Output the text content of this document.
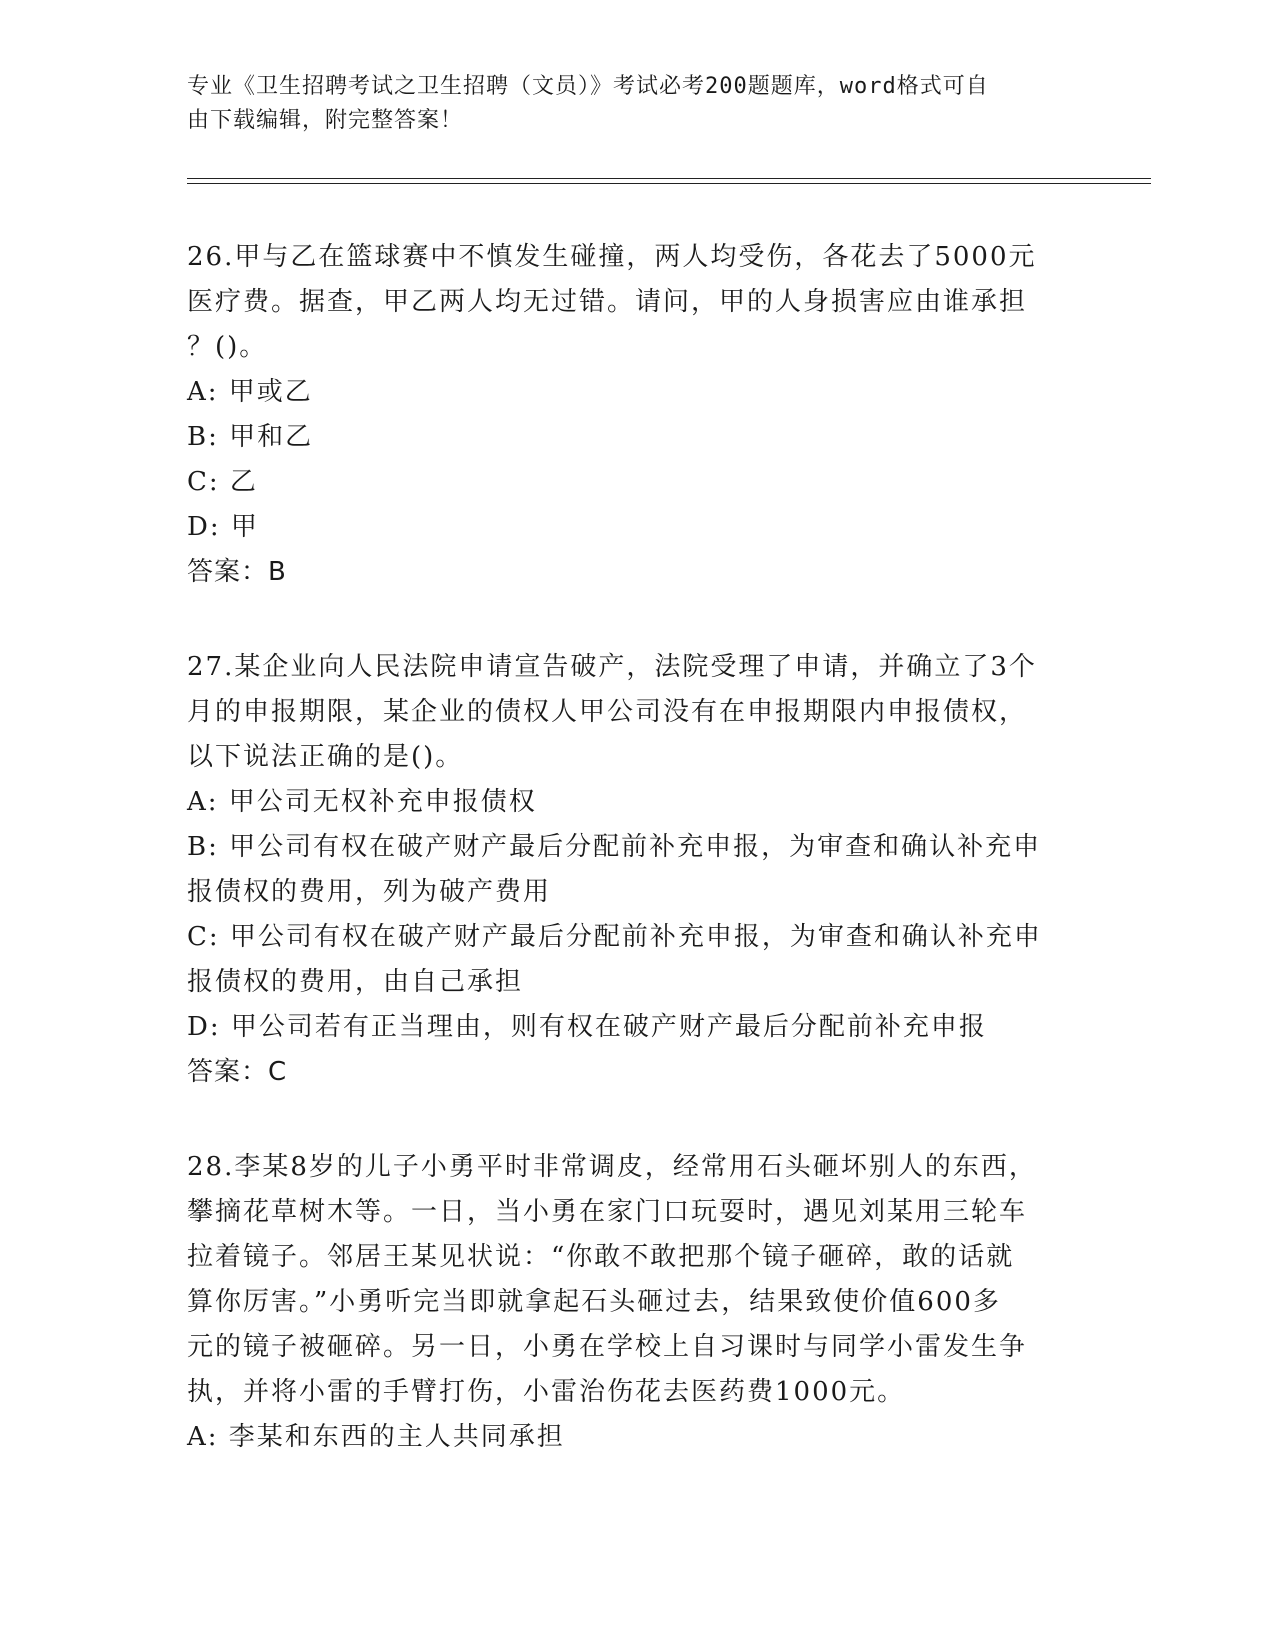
专业《卫生招聘考试之卫生招聘（文员）》考试必考200题题库，word格式可自
由下载编辑，附完整答案！

26.甲与乙在篮球赛中不慎发生碰撞，两人均受伤，各花去了5000元

医疗费。据查，甲乙两人均无过错。请问，甲的人身损害应由谁承担

？()。

A: 甲或乙

B: 甲和乙

C: 乙

D: 甲

答案：B

27.某企业向人民法院申请宣告破产，法院受理了申请，并确立了3个

月的申报期限，某企业的债权人甲公司没有在申报期限内申报债权，

以下说法正确的是()。

A: 甲公司无权补充申报债权

B: 甲公司有权在破产财产最后分配前补充申报，为审查和确认补充申

报债权的费用，列为破产费用

C: 甲公司有权在破产财产最后分配前补充申报，为审查和确认补充申

报债权的费用，由自己承担

D: 甲公司若有正当理由，则有权在破产财产最后分配前补充申报

答案：C

28.李某8岁的儿子小勇平时非常调皮，经常用石头砸坏别人的东西，

攀摘花草树木等。一日，当小勇在家门口玩耍时，遇见刘某用三轮车

拉着镜子。邻居王某见状说：“你敢不敢把那个镜子砸碎，敢的话就

算你厉害。”小勇听完当即就拿起石头砸过去，结果致使价值600多

元的镜子被砸碎。另一日，小勇在学校上自习课时与同学小雷发生争

执，并将小雷的手臂打伤，小雷治伤花去医药费1000元。

A: 李某和东西的主人共同承担
